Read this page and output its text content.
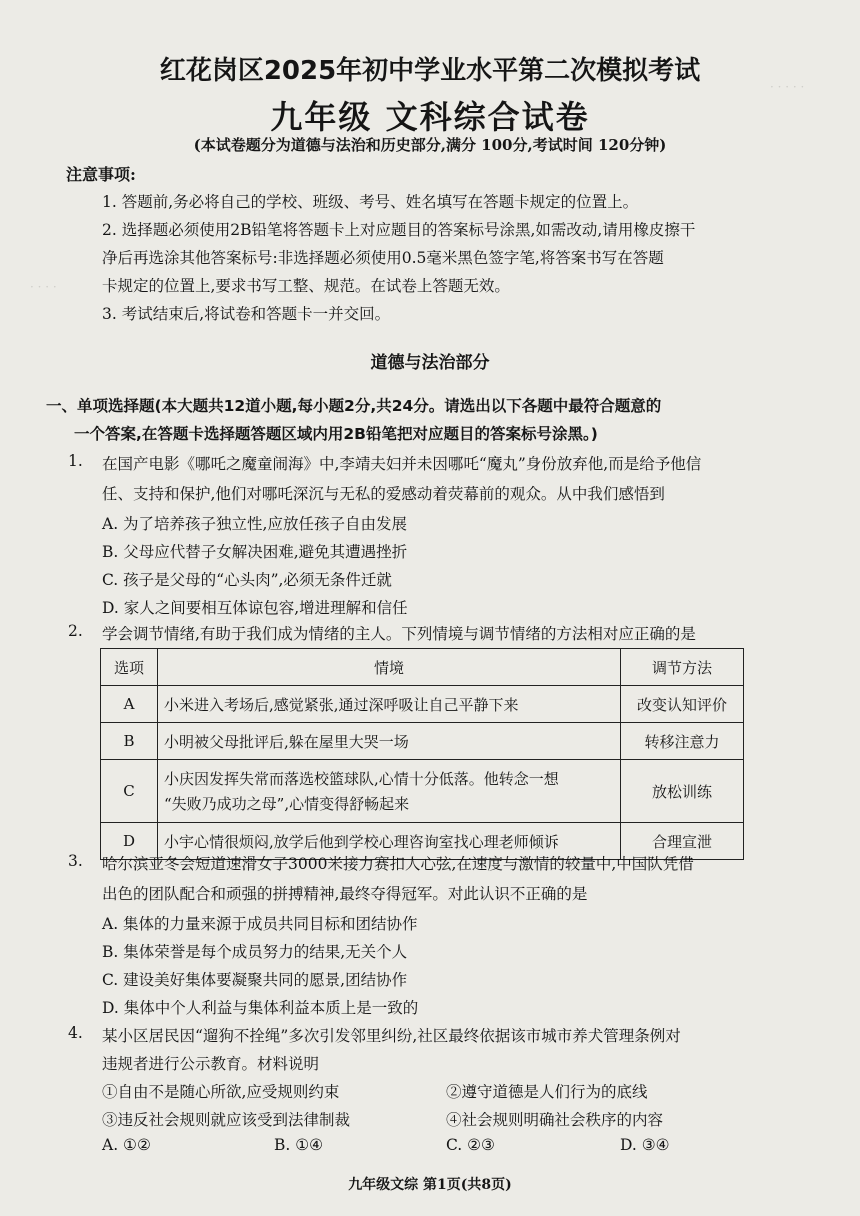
· · · · ·
· · · ·
红花岗区2025年初中学业水平第二次模拟考试
九年级 文科综合试卷
(本试卷题分为道德与法治和历史部分,满分 100分,考试时间 120分钟)
注意事项:
1. 答题前,务必将自己的学校、班级、考号、姓名填写在答题卡规定的位置上。
2. 选择题必须使用2B铅笔将答题卡上对应题目的答案标号涂黑,如需改动,请用橡皮擦干
净后再选涂其他答案标号:非选择题必须使用0.5毫米黑色签字笔,将答案书写在答题
卡规定的位置上,要求书写工整、规范。在试卷上答题无效。
3. 考试结束后,将试卷和答题卡一并交回。
道德与法治部分
一、单项选择题(本大题共12道小题,每小题2分,共24分。请选出以下各题中最符合题意的
一个答案,在答题卡选择题答题区域内用2B铅笔把对应题目的答案标号涂黑。)
1. 在国产电影《哪吒之魔童闹海》中,李靖夫妇并未因哪吒“魔丸”身份放弃他,而是给予他信
任、支持和保护,他们对哪吒深沉与无私的爱感动着荧幕前的观众。从中我们感悟到
A. 为了培养孩子独立性,应放任孩子自由发展
B. 父母应代替子女解决困难,避免其遭遇挫折
C. 孩子是父母的“心头肉”,必须无条件迁就
D. 家人之间要相互体谅包容,增进理解和信任
2. 学会调节情绪,有助于我们成为情绪的主人。下列情境与调节情绪的方法相对应正确的是
选项	情境	调节方法
A	小米进入考场后,感觉紧张,通过深呼吸让自己平静下来	改变认知评价
B	小明被父母批评后,躲在屋里大哭一场	转移注意力
C	小庆因发挥失常而落选校篮球队,心情十分低落。他转念一想
“失败乃成功之母”,心情变得舒畅起来	放松训练
D	小宇心情很烦闷,放学后他到学校心理咨询室找心理老师倾诉	合理宣泄
3. 哈尔滨亚冬会短道速滑女子3000米接力赛扣人心弦,在速度与激情的较量中,中国队凭借
出色的团队配合和顽强的拼搏精神,最终夺得冠军。对此认识不正确的是
A. 集体的力量来源于成员共同目标和团结协作
B. 集体荣誉是每个成员努力的结果,无关个人
C. 建设美好集体要凝聚共同的愿景,团结协作
D. 集体中个人利益与集体利益本质上是一致的
4. 某小区居民因“遛狗不拴绳”多次引发邻里纠纷,社区最终依据该市城市养犬管理条例对
违规者进行公示教育。材料说明
①自由不是随心所欲,应受规则约束	②遵守道德是人们行为的底线
③违反社会规则就应该受到法律制裁	④社会规则明确社会秩序的内容
A. ①②	B. ①④	C. ②③	D. ③④
九年级文综 第1页(共8页)
